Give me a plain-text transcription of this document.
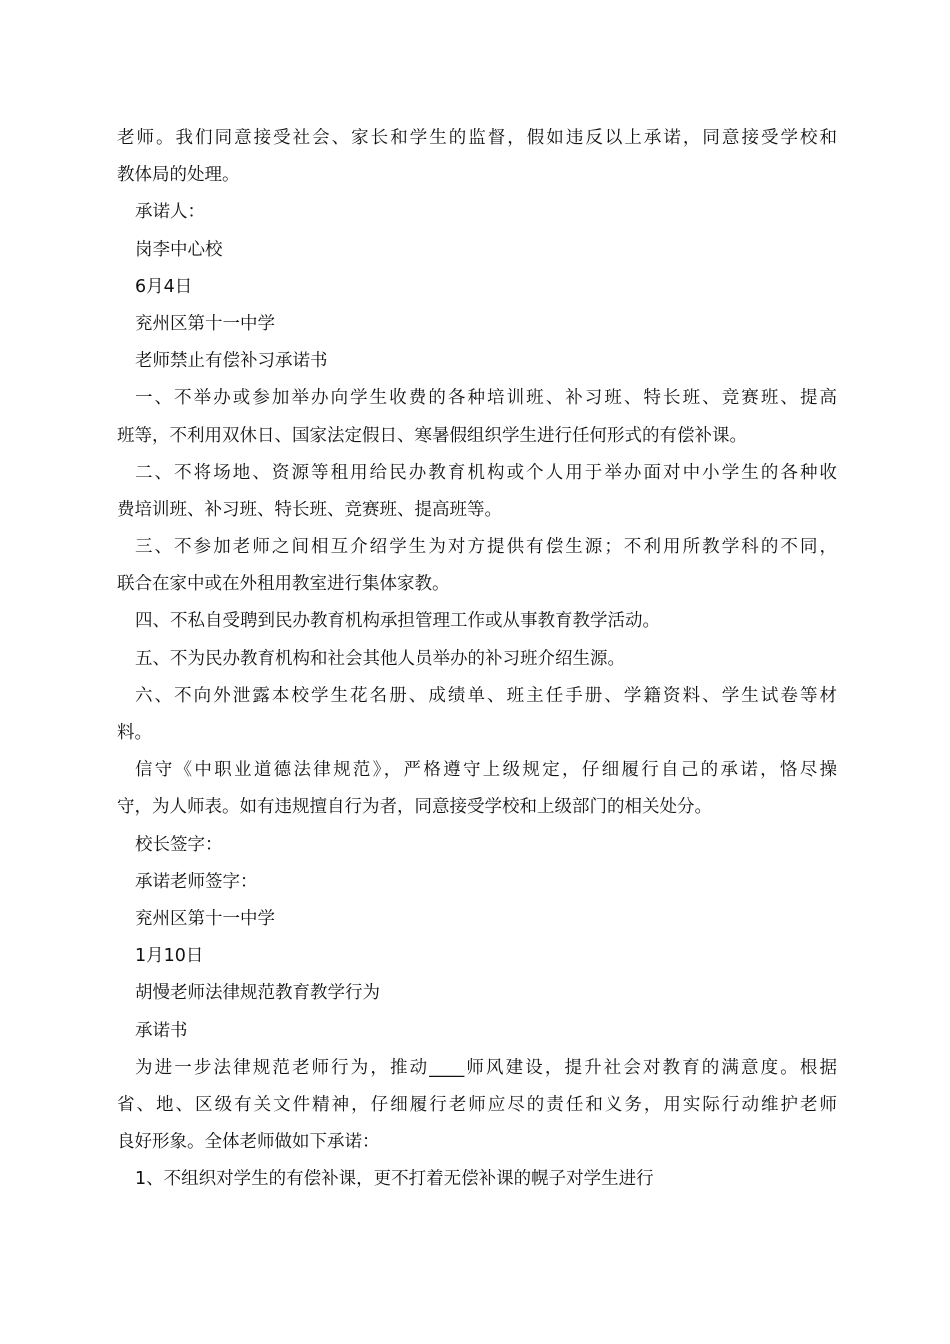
老师。我们同意接受社会、家长和学生的监督，假如违反以上承诺，同意接受学校和
教体局的处理。
承诺人：
岗李中心校
6月4日
兖州区第十一中学
老师禁止有偿补习承诺书
一、不举办或参加举办向学生收费的各种培训班、补习班、特长班、竞赛班、提高
班等，不利用双休日、国家法定假日、寒暑假组织学生进行任何形式的有偿补课。
二、不将场地、资源等租用给民办教育机构或个人用于举办面对中小学生的各种收
费培训班、补习班、特长班、竞赛班、提高班等。
三、不参加老师之间相互介绍学生为对方提供有偿生源；不利用所教学科的不同，
联合在家中或在外租用教室进行集体家教。
四、不私自受聘到民办教育机构承担管理工作或从事教育教学活动。
五、不为民办教育机构和社会其他人员举办的补习班介绍生源。
六、不向外泄露本校学生花名册、成绩单、班主任手册、学籍资料、学生试卷等材
料。
信守《中职业道德法律规范》，严格遵守上级规定，仔细履行自己的承诺，恪尽操
守，为人师表。如有违规擅自行为者，同意接受学校和上级部门的相关处分。
校长签字：
承诺老师签字：
兖州区第十一中学
1月10日
胡慢老师法律规范教育教学行为
承诺书
为进一步法律规范老师行为，推动____师风建设，提升社会对教育的满意度。根据
省、地、区级有关文件精神，仔细履行老师应尽的责任和义务，用实际行动维护老师
良好形象。全体老师做如下承诺：
1、不组织对学生的有偿补课，更不打着无偿补课的幌子对学生进行
